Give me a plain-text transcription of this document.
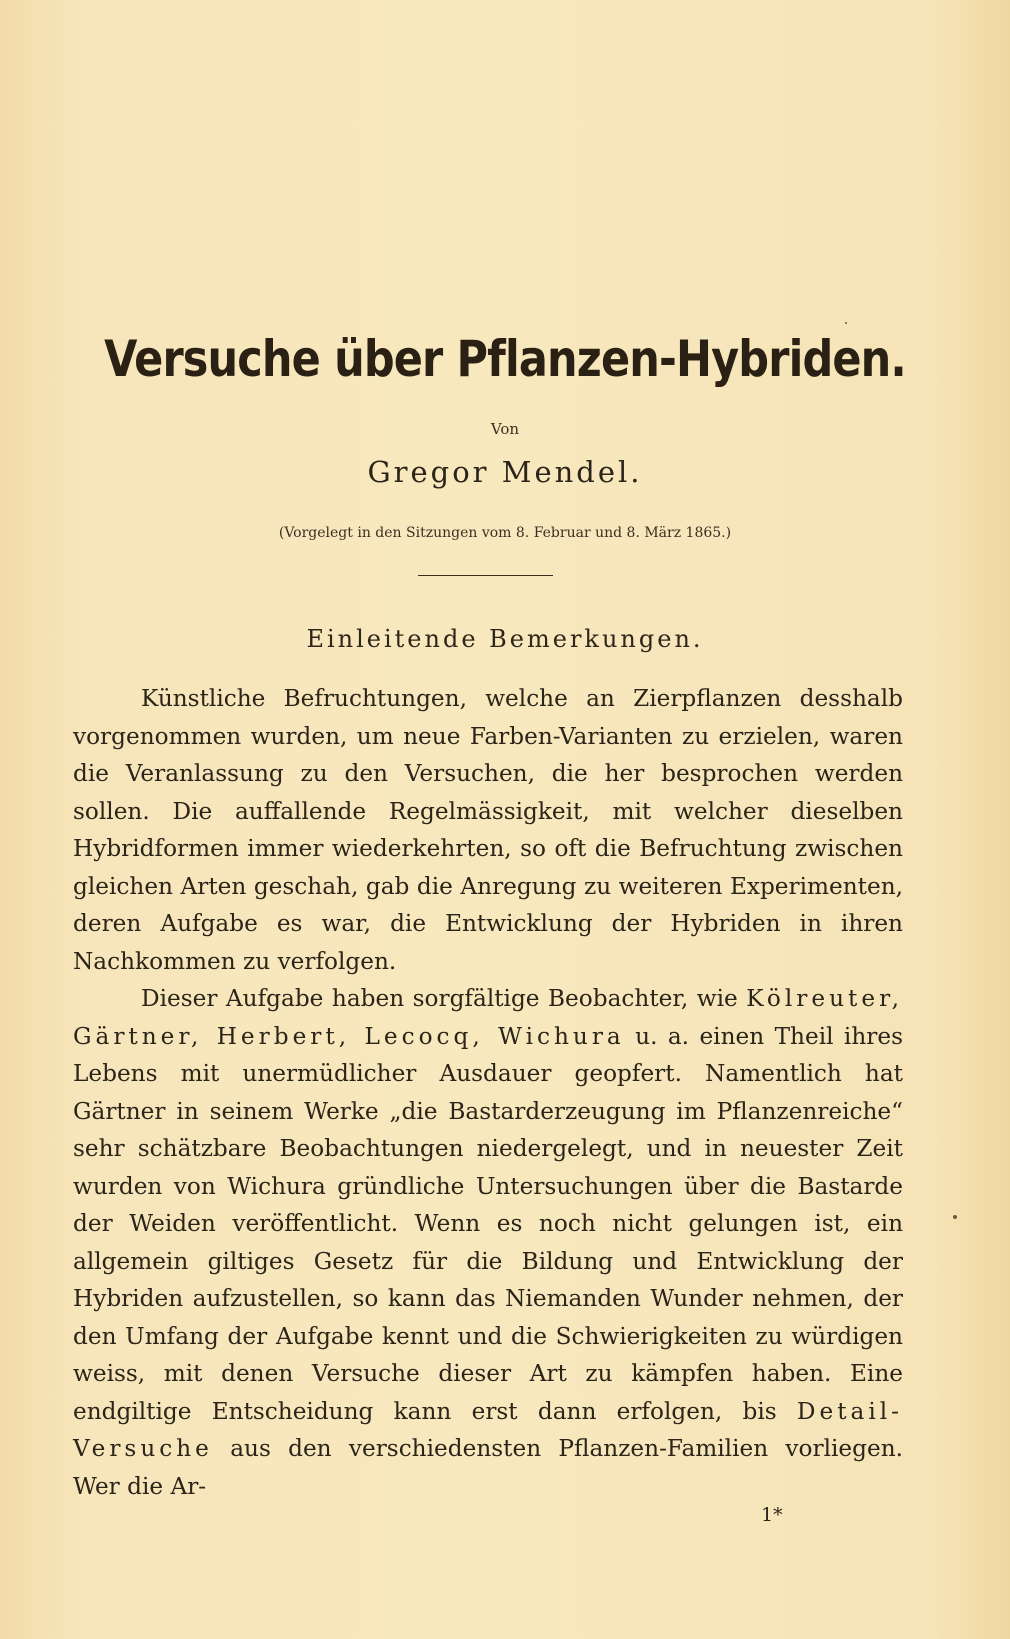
Versuche über Pflanzen-Hybriden.
Von
Gregor Mendel.
(Vorgelegt in den Sitzungen vom 8. Februar und 8. März 1865.)
Einleitende Bemerkungen.

Künstliche Befruchtungen, welche an Zierpflanzen desshalb vorgenommen wurden, um neue Farben-Varianten zu erzielen, waren die Veranlassung zu den Versuchen, die her besprochen werden sollen. Die auffallende Regelmässigkeit, mit welcher dieselben Hybridformen immer wiederkehrten, so oft die Befruchtung zwischen gleichen Arten geschah, gab die Anregung zu weiteren Experimenten, deren Aufgabe es war, die Entwicklung der Hybriden in ihren Nachkommen zu verfolgen.

Dieser Aufgabe haben sorgfältige Beobachter, wie Kölreuter, Gärtner, Herbert, Lecocq, Wichura u. a. einen Theil ihres Lebens mit unermüdlicher Ausdauer geopfert. Namentlich hat Gärtner in seinem Werke „die Bastarderzeugung im Pflanzenreiche“ sehr schätzbare Beobachtungen niedergelegt, und in neuester Zeit wurden von Wichura gründliche Untersuchungen über die Bastarde der Weiden veröffentlicht. Wenn es noch nicht gelungen ist, ein allgemein giltiges Gesetz für die Bildung und Entwicklung der Hybriden aufzustellen, so kann das Niemanden Wunder nehmen, der den Umfang der Aufgabe kennt und die Schwierigkeiten zu würdigen weiss, mit denen Versuche dieser Art zu kämpfen haben. Eine endgiltige Entscheidung kann erst dann erfolgen, bis Detail-Versuche aus den verschiedensten Pflanzen-Familien vorliegen. Wer die Ar-

1*
